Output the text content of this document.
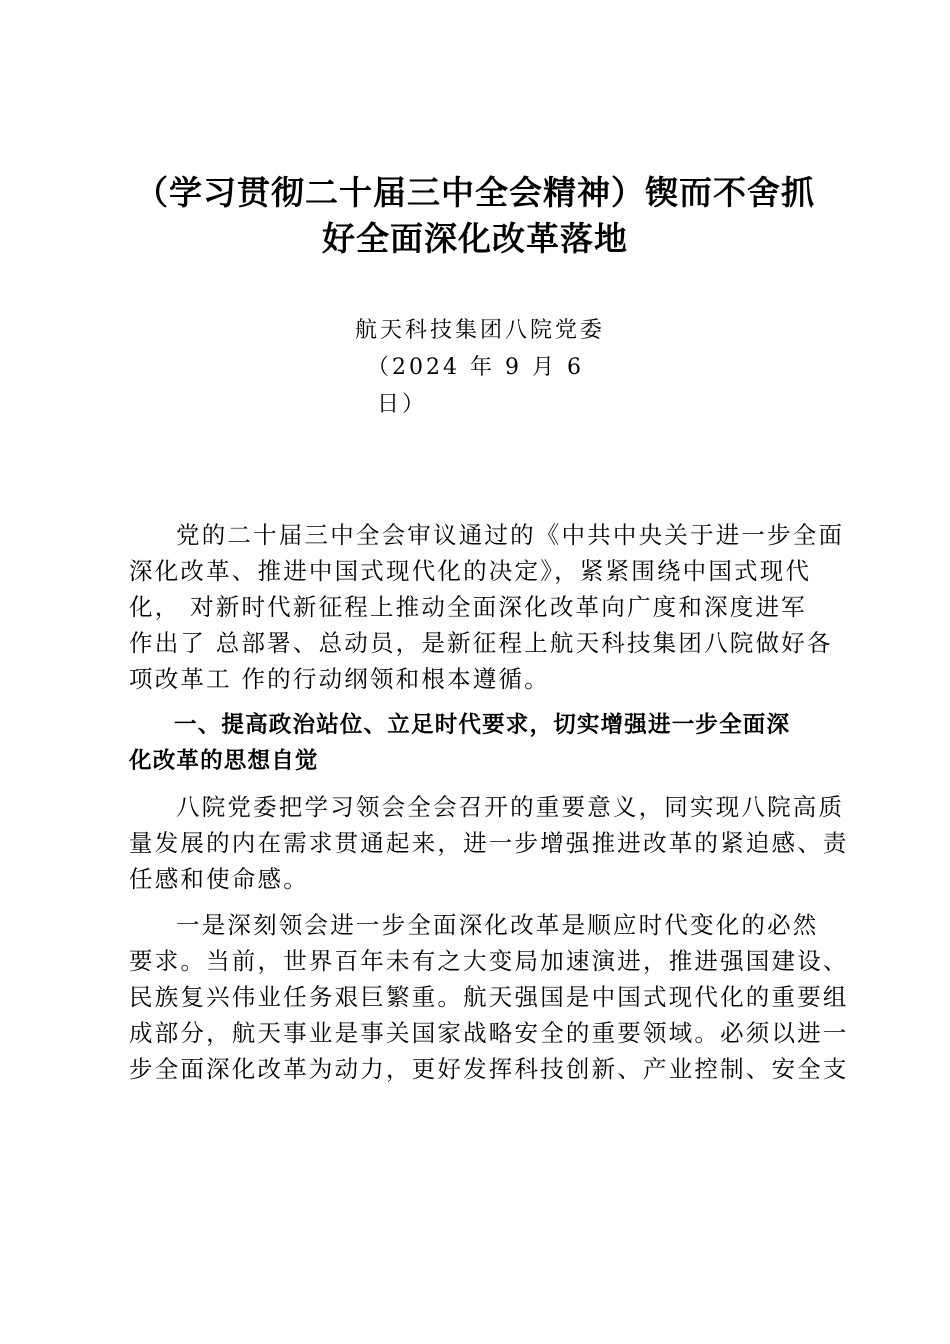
（学习贯彻二十届三中全会精神）锲而不舍抓
好全面深化改革落地
航天科技集团八院党委
（2024 年 9 月 6
日）
党的二十届三中全会审议通过的《中共中央关于进一步全面
深化改革、推进中国式现代化的决定》，紧紧围绕中国式现代
化， 对新时代新征程上推动全面深化改革向广度和深度进军
作出了 总部署、总动员，是新征程上航天科技集团八院做好各
项改革工 作的行动纲领和根本遵循。
一、提高政治站位、立足时代要求，切实增强进一步全面深
化改革的思想自觉
八院党委把学习领会全会召开的重要意义，同实现八院高质
量发展的内在需求贯通起来，进一步增强推进改革的紧迫感、责
任感和使命感。
一是深刻领会进一步全面深化改革是顺应时代变化的必然
要求。当前，世界百年未有之大变局加速演进，推进强国建设、
民族复兴伟业任务艰巨繁重。航天强国是中国式现代化的重要组
成部分，航天事业是事关国家战略安全的重要领域。必须以进一
步全面深化改革为动力，更好发挥科技创新、产业控制、安全支
